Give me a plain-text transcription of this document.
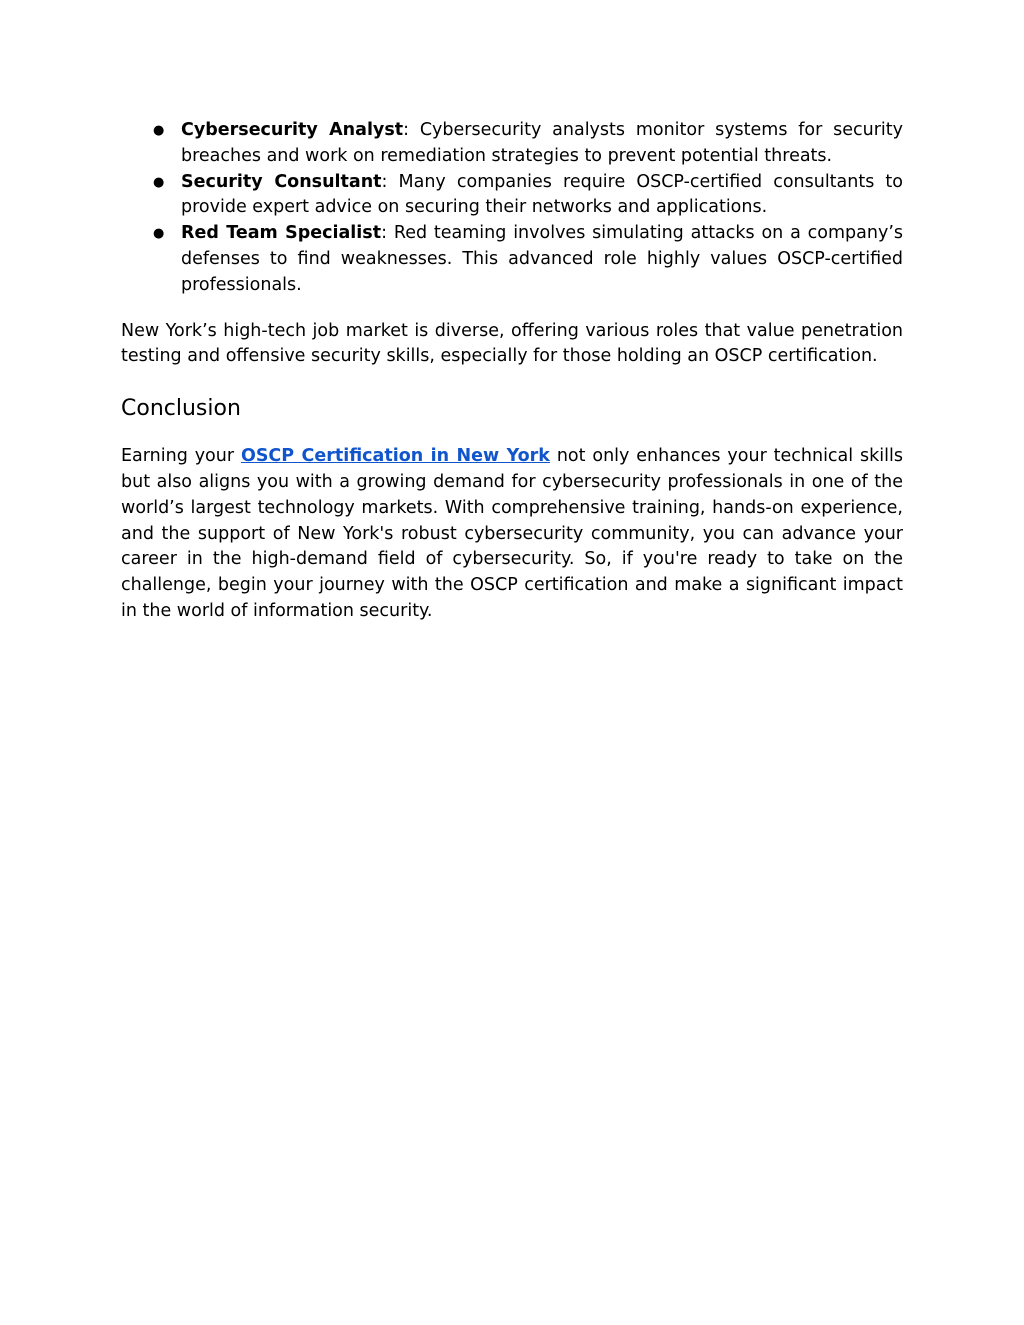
● Cybersecurity Analyst: Cybersecurity analysts monitor systems for security breaches and work on remediation strategies to prevent potential threats.
● Security Consultant: Many companies require OSCP-certified consultants to provide expert advice on securing their networks and applications.
● Red Team Specialist: Red teaming involves simulating attacks on a company’s defenses to find weaknesses. This advanced role highly values OSCP-certified professionals.

New York’s high-tech job market is diverse, offering various roles that value penetration testing and offensive security skills, especially for those holding an OSCP certification.

Conclusion

Earning your OSCP Certification in New York not only enhances your technical skills but also aligns you with a growing demand for cybersecurity professionals in one of the world’s largest technology markets. With comprehensive training, hands-on experience, and the support of New York's robust cybersecurity community, you can advance your career in the high-demand field of cybersecurity. So, if you're ready to take on the challenge, begin your journey with the OSCP certification and make a significant impact in the world of information security.
